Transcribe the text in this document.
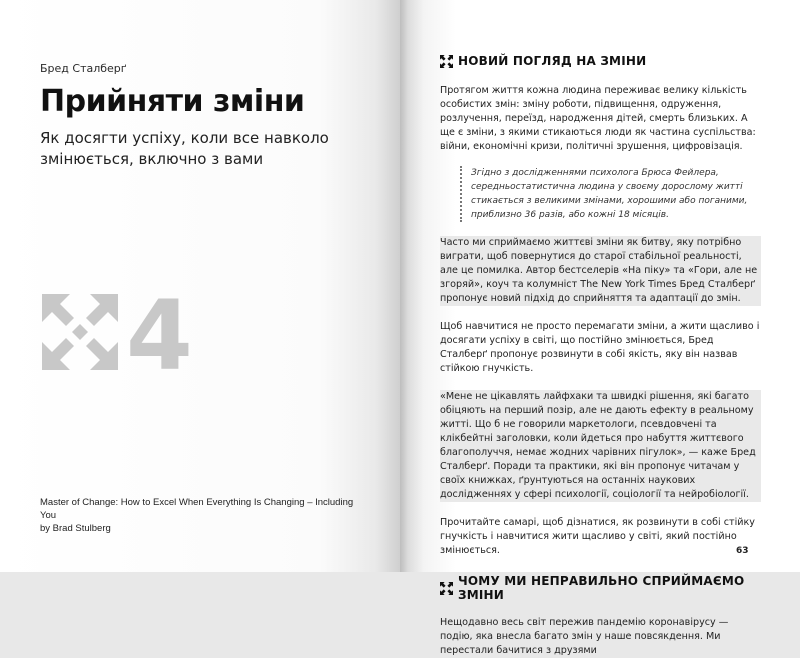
Бред Сталберґ
Прийняти зміни
Як досягти успіху, коли все навколо змінюється, включно з вами
4
Master of Change: How to Excel When Everything Is Changing – Including You
by Brad Stulberg
НОВИЙ ПОГЛЯД НА ЗМІНИ

Протягом життя кожна людина переживає велику кількість особистих змін: зміну роботи, підвищення, одруження, розлучення, переїзд, народження дітей, смерть близьких. А ще є зміни, з якими стикаються люди як частина суспільства: війни, економічні кризи, політичні зрушення, цифровізація.

Згідно з дослідженнями психолога Брюса Фейлера, середньостатистична людина у своєму дорослому житті стикається з великими змінами, хорошими або поганими, приблизно 36 разів, або кожні 18 місяців.

Часто ми сприймаємо життєві зміни як битву, яку потрібно виграти, щоб повернутися до старої стабільної реальності, але це помилка. Автор бестселерів «На піку» та «Гори, але не згоряй», коуч та колумніст The New York Times Бред Сталберґ пропонує новий підхід до сприйняття та адаптації до змін.

Щоб навчитися не просто перемагати зміни, а жити щасливо і досягати успіху в світі, що постійно змінюється, Бред Сталберґ пропонує розвинути в собі якість, яку він назвав стійкою гнучкість.

«Мене не цікавлять лайфхаки та швидкі рішення, які багато обіцяють на перший позір, але не дають ефекту в реальному житті. Що б не говорили маркетологи, псевдовчені та клікбейтні заголовки, коли йдеться про набуття життєвого благополуччя, немає жодних чарівних пігулок», — каже Бред Сталберґ. Поради та практики, які він пропонує читачам у своїх книжках, ґрунтуються на останніх наукових дослідженнях у сфері психології, соціології та нейробіології.

Прочитайте самарі, щоб дізнатися, як розвинути в собі стійку гнучкість і навчитися жити щасливо у світі, який постійно змінюється.

ЧОМУ МИ НЕПРАВИЛЬНО СПРИЙМАЄМО ЗМІНИ

Нещодавно весь світ пережив пандемію коронавірусу — подію, яка внесла багато змін у наше повсякдення. Ми перестали бачитися з друзями

63
